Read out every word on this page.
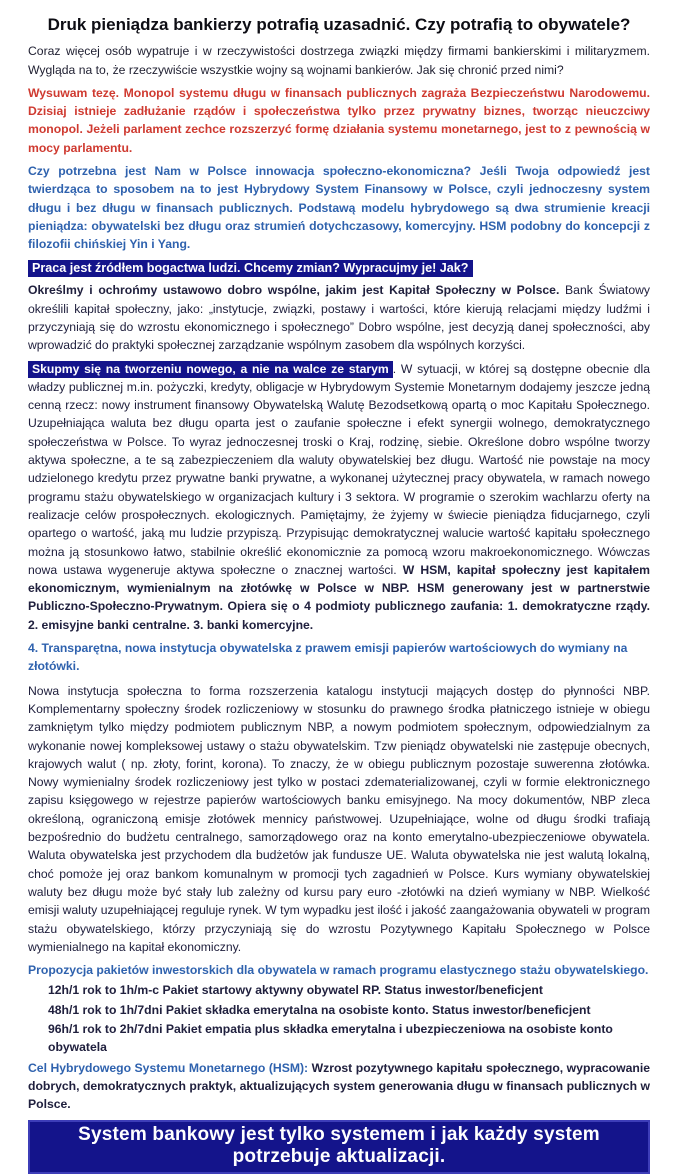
Druk pieniądza bankierzy potrafią uzasadnić. Czy potrafią to obywatele?

Coraz więcej osób wypatruje i w rzeczywistości dostrzega związki między firmami bankierskimi i militaryzmem. Wygląda na to, że rzeczywiście wszystkie wojny są wojnami bankierów. Jak się chronić przed nimi?

Wysuwam tezę. Monopol systemu długu w finansach publicznych zagraża Bezpieczeństwu Narodowemu. Dzisiaj istnieje zadłużanie rządów i społeczeństwa tylko przez prywatny biznes, tworząc nieuczciwy monopol. Jeżeli parlament zechce rozszerzyć formę działania systemu monetarnego, jest to z pewnością w mocy parlamentu.

Czy potrzebna jest Nam w Polsce innowacja społeczno-ekonomiczna? Jeśli Twoja odpowiedź jest twierdząca to sposobem na to jest Hybrydowy System Finansowy w Polsce, czyli jednoczesny system długu i bez długu w finansach publicznych. Podstawą modelu hybrydowego są dwa strumienie kreacji pieniądza: obywatelski bez długu oraz strumień dotychczasowy, komercyjny. HSM podobny do koncepcji z filozofii chińskiej Yin i Yang.

Praca jest źródłem bogactwa ludzi. Chcemy zmian? Wypracujmy je! Jak?

Określmy i ochrońmy ustawowo dobro wspólne, jakim jest Kapitał Społeczny w Polsce. Bank Światowy określili kapitał społeczny, jako: „instytucje, związki, postawy i wartości, które kierują relacjami między ludźmi i przyczyniają się do wzrostu ekonomicznego i społecznego” Dobro wspólne, jest decyzją danej społeczności, aby wprowadzić do praktyki społecznej zarządzanie wspólnym zasobem dla wspólnych korzyści.

Skupmy się na tworzeniu nowego, a nie na walce ze starym . W sytuacji, w której są dostępne obecnie dla władzy publicznej m.in. pożyczki, kredyty, obligacje w Hybrydowym Systemie Monetarnym dodajemy jeszcze jedną cenną rzecz: nowy instrument finansowy Obywatelską Walutę Bezodsetkową opartą o moc Kapitału Społecznego. Uzupełniająca waluta bez długu oparta jest o zaufanie społeczne i efekt synergii wolnego, demokratycznego społeczeństwa w Polsce. To wyraz jednoczesnej troski o Kraj, rodzinę, siebie. Określone dobro wspólne tworzy aktywa społeczne, a te są zabezpieczeniem dla waluty obywatelskiej bez długu. Wartość nie powstaje na mocy udzielonego kredytu przez prywatne banki prywatne, a wykonanej użytecznej pracy obywatela, w ramach nowego programu stażu obywatelskiego w organizacjach kultury i 3 sektora. W programie o szerokim wachlarzu oferty na realizacje celów prospołecznych. ekologicznych. Pamiętajmy, że żyjemy w świecie pieniądza fiducjarnego, czyli opartego o wartość, jaką mu ludzie przypiszą. Przypisując demokratycznej walucie wartość kapitału społecznego można ją stosunkowo łatwo, stabilnie określić ekonomicznie za pomocą wzoru makroekonomicznego. Wówczas nowa ustawa wygeneruje aktywa społeczne o znacznej wartości. W HSM, kapitał społeczny jest kapitałem ekonomicznym, wymienialnym na złotówkę w Polsce w NBP. HSM generowany jest w partnerstwie Publiczno-Społeczno-Prywatnym. Opiera się o 4 podmioty publicznego zaufania: 1. demokratyczne rządy. 2. emisyjne banki centralne. 3. banki komercyjne.

4. Transparętna, nowa instytucja obywatelska z prawem emisji papierów wartościowych do wymiany na złotówki.

Nowa instytucja społeczna to forma rozszerzenia katalogu instytucji mających dostęp do płynności NBP. Komplementarny społeczny środek rozliczeniowy w stosunku do prawnego środka płatniczego istnieje w obiegu zamkniętym tylko między podmiotem publicznym NBP, a nowym podmiotem społecznym, odpowiedzialnym za wykonanie nowej kompleksowej ustawy o stażu obywatelskim. Tzw pieniądz obywatelski nie zastępuje obecnych, krajowych walut ( np. złoty, forint, korona). To znaczy, że w obiegu publicznym pozostaje suwerenna złotówka. Nowy wymienialny środek rozliczeniowy jest tylko w postaci zdematerializowanej, czyli w formie elektronicznego zapisu księgowego w rejestrze papierów wartościowych banku emisyjnego. Na mocy dokumentów, NBP zleca określoną, ograniczoną emisje złotówek mennicy państwowej. Uzupełniające, wolne od długu środki trafiają bezpośrednio do budżetu centralnego, samorządowego oraz na konto emerytalno-ubezpieczeniowe obywatela. Waluta obywatelska jest przychodem dla budżetów jak fundusze UE. Waluta obywatelska nie jest walutą lokalną, choć pomoże jej oraz bankom komunalnym w promocji tych zagadnień w Polsce. Kurs wymiany obywatelskiej waluty bez długu może być stały lub zależny od kursu pary euro -złotówki na dzień wymiany w NBP. Wielkość emisji waluty uzupełniającej reguluje rynek. W tym wypadku jest ilość i jakość zaangażowania obywateli w program stażu obywatelskiego, którzy przyczyniają się do wzrostu Pozytywnego Kapitału Społecznego w Polsce wymienialnego na kapitał ekonomiczny.

Propozycja pakietów inwestorskich dla obywatela w ramach programu elastycznego stażu obywatelskiego.

12h/1 rok to 1h/m-c Pakiet startowy aktywny obywatel RP. Status inwestor/beneficjent
48h/1 rok to 1h/7dni Pakiet składka emerytalna na osobiste konto. Status inwestor/beneficjent
96h/1 rok to 2h/7dni Pakiet empatia plus składka emerytalna i ubezpieczeniowa na osobiste konto obywatela

Cel Hybrydowego Systemu Monetarnego (HSM): Wzrost pozytywnego kapitału społecznego, wypracowanie dobrych, demokratycznych praktyk, aktualizujących system generowania długu w finansach publicznych w Polsce.

System bankowy jest tylko systemem i jak każdy system potrzebuje aktualizacji.
